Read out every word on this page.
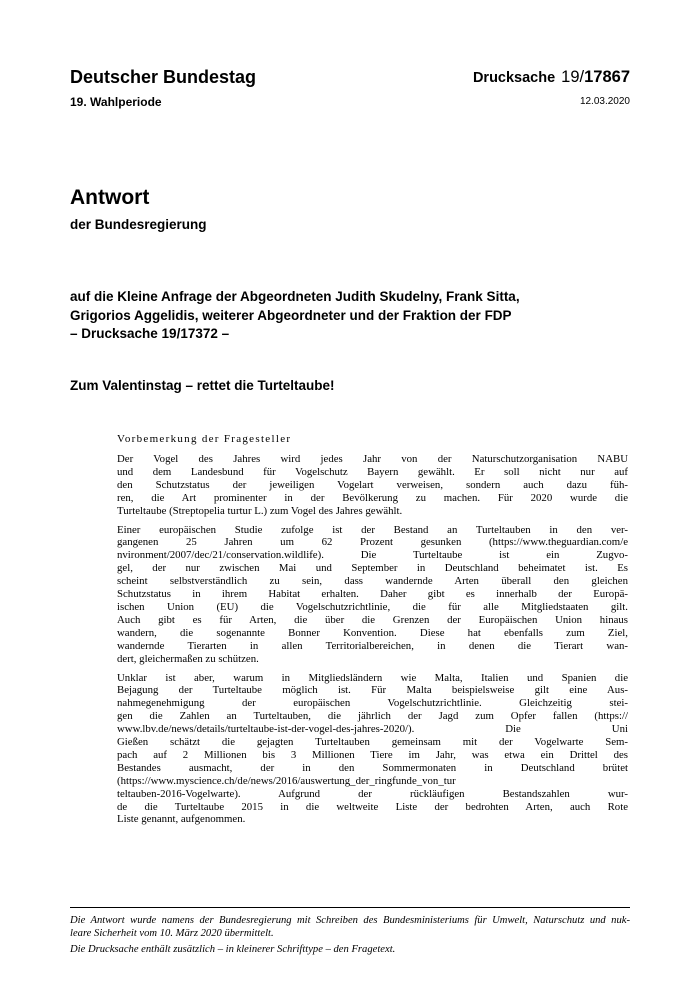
Deutscher Bundestag
19. Wahlperiode
Drucksache 19/17867
12.03.2020
Antwort
der Bundesregierung
auf die Kleine Anfrage der Abgeordneten Judith Skudelny, Frank Sitta,
Grigorios Aggelidis, weiterer Abgeordneter und der Fraktion der FDP
– Drucksache 19/17372 –
Zum Valentinstag – rettet die Turteltaube!
Vorbemerkung der Fragesteller
Der Vogel des Jahres wird jedes Jahr von der Naturschutzorganisation NABU
und dem Landesbund für Vogelschutz Bayern gewählt. Er soll nicht nur auf
den Schutzstatus der jeweiligen Vogelart verweisen, sondern auch dazu füh-
ren, die Art prominenter in der Bevölkerung zu machen. Für 2020 wurde die
Turteltaube (Streptopelia turtur L.) zum Vogel des Jahres gewählt.
Einer europäischen Studie zufolge ist der Bestand an Turteltauben in den ver-
gangenen 25 Jahren um 62 Prozent gesunken (https://www.theguardian.com/e
nvironment/2007/dec/21/conservation.wildlife). Die Turteltaube ist ein Zugvo-
gel, der nur zwischen Mai und September in Deutschland beheimatet ist. Es
scheint selbstverständlich zu sein, dass wandernde Arten überall den gleichen
Schutzstatus in ihrem Habitat erhalten. Daher gibt es innerhalb der Europä-
ischen Union (EU) die Vogelschutzrichtlinie, die für alle Mitgliedstaaten gilt.
Auch gibt es für Arten, die über die Grenzen der Europäischen Union hinaus
wandern, die sogenannte Bonner Konvention. Diese hat ebenfalls zum Ziel,
wandernde Tierarten in allen Territorialbereichen, in denen die Tierart wan-
dert, gleichermaßen zu schützen.
Unklar ist aber, warum in Mitgliedsländern wie Malta, Italien und Spanien die
Bejagung der Turteltaube möglich ist. Für Malta beispielsweise gilt eine Aus-
nahmegenehmigung der europäischen Vogelschutzrichtlinie. Gleichzeitig stei-
gen die Zahlen an Turteltauben, die jährlich der Jagd zum Opfer fallen (https://
www.lbv.de/news/details/turteltaube-ist-der-vogel-des-jahres-2020/). Die Uni
Gießen schätzt die gejagten Turteltauben gemeinsam mit der Vogelwarte Sem-
pach auf 2 Millionen bis 3 Millionen Tiere im Jahr, was etwa ein Drittel des
Bestandes ausmacht, der in den Sommermonaten in Deutschland brütet
(https://www.myscience.ch/de/news/2016/auswertung_der_ringfunde_von_tur
teltauben-2016-Vogelwarte). Aufgrund der rückläufigen Bestandszahlen wur-
de die Turteltaube 2015 in die weltweite Liste der bedrohten Arten, auch Rote
Liste genannt, aufgenommen.
Die Antwort wurde namens der Bundesregierung mit Schreiben des Bundesministeriums für Umwelt, Naturschutz und nuk-
leare Sicherheit vom 10. März 2020 übermittelt.
Die Drucksache enthält zusätzlich – in kleinerer Schrifttype – den Fragetext.
